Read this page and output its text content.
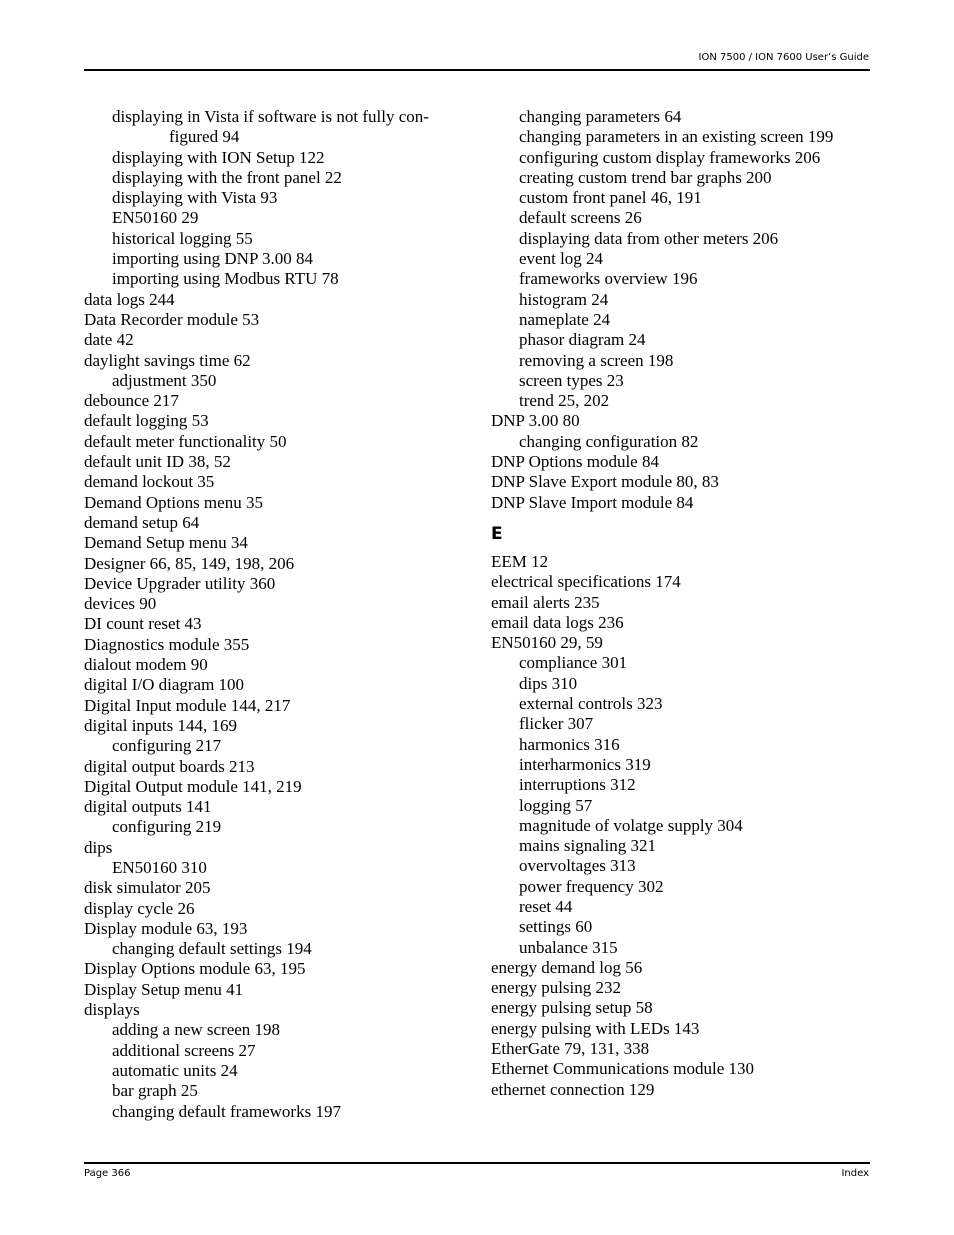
ION 7500 / ION 7600 User’s Guide
displaying in Vista if software is not fully con-
figured 94
displaying with ION Setup 122
displaying with the front panel 22
displaying with Vista 93
EN50160 29
historical logging 55
importing using DNP 3.00 84
importing using Modbus RTU 78
data logs 244
Data Recorder module 53
date 42
daylight savings time 62
adjustment 350
debounce 217
default logging 53
default meter functionality 50
default unit ID 38, 52
demand lockout 35
Demand Options menu 35
demand setup 64
Demand Setup menu 34
Designer 66, 85, 149, 198, 206
Device Upgrader utility 360
devices 90
DI count reset 43
Diagnostics module 355
dialout modem 90
digital I/O diagram 100
Digital Input module 144, 217
digital inputs 144, 169
configuring 217
digital output boards 213
Digital Output module 141, 219
digital outputs 141
configuring 219
dips
EN50160 310
disk simulator 205
display cycle 26
Display module 63, 193
changing default settings 194
Display Options module 63, 195
Display Setup menu 41
displays
adding a new screen 198
additional screens 27
automatic units 24
bar graph 25
changing default frameworks 197
changing parameters 64
changing parameters in an existing screen 199
configuring custom display frameworks 206
creating custom trend bar graphs 200
custom front panel 46, 191
default screens 26
displaying data from other meters 206
event log 24
frameworks overview 196
histogram 24
nameplate 24
phasor diagram 24
removing a screen 198
screen types 23
trend 25, 202
DNP 3.00 80
changing configuration 82
DNP Options module 84
DNP Slave Export module 80, 83
DNP Slave Import module 84
E
EEM 12
electrical specifications 174
email alerts 235
email data logs 236
EN50160 29, 59
compliance 301
dips 310
external controls 323
flicker 307
harmonics 316
interharmonics 319
interruptions 312
logging 57
magnitude of volatge supply 304
mains signaling 321
overvoltages 313
power frequency 302
reset 44
settings 60
unbalance 315
energy demand log 56
energy pulsing 232
energy pulsing setup 58
energy pulsing with LEDs 143
EtherGate 79, 131, 338
Ethernet Communications module 130
ethernet connection 129
Page 366	Index
